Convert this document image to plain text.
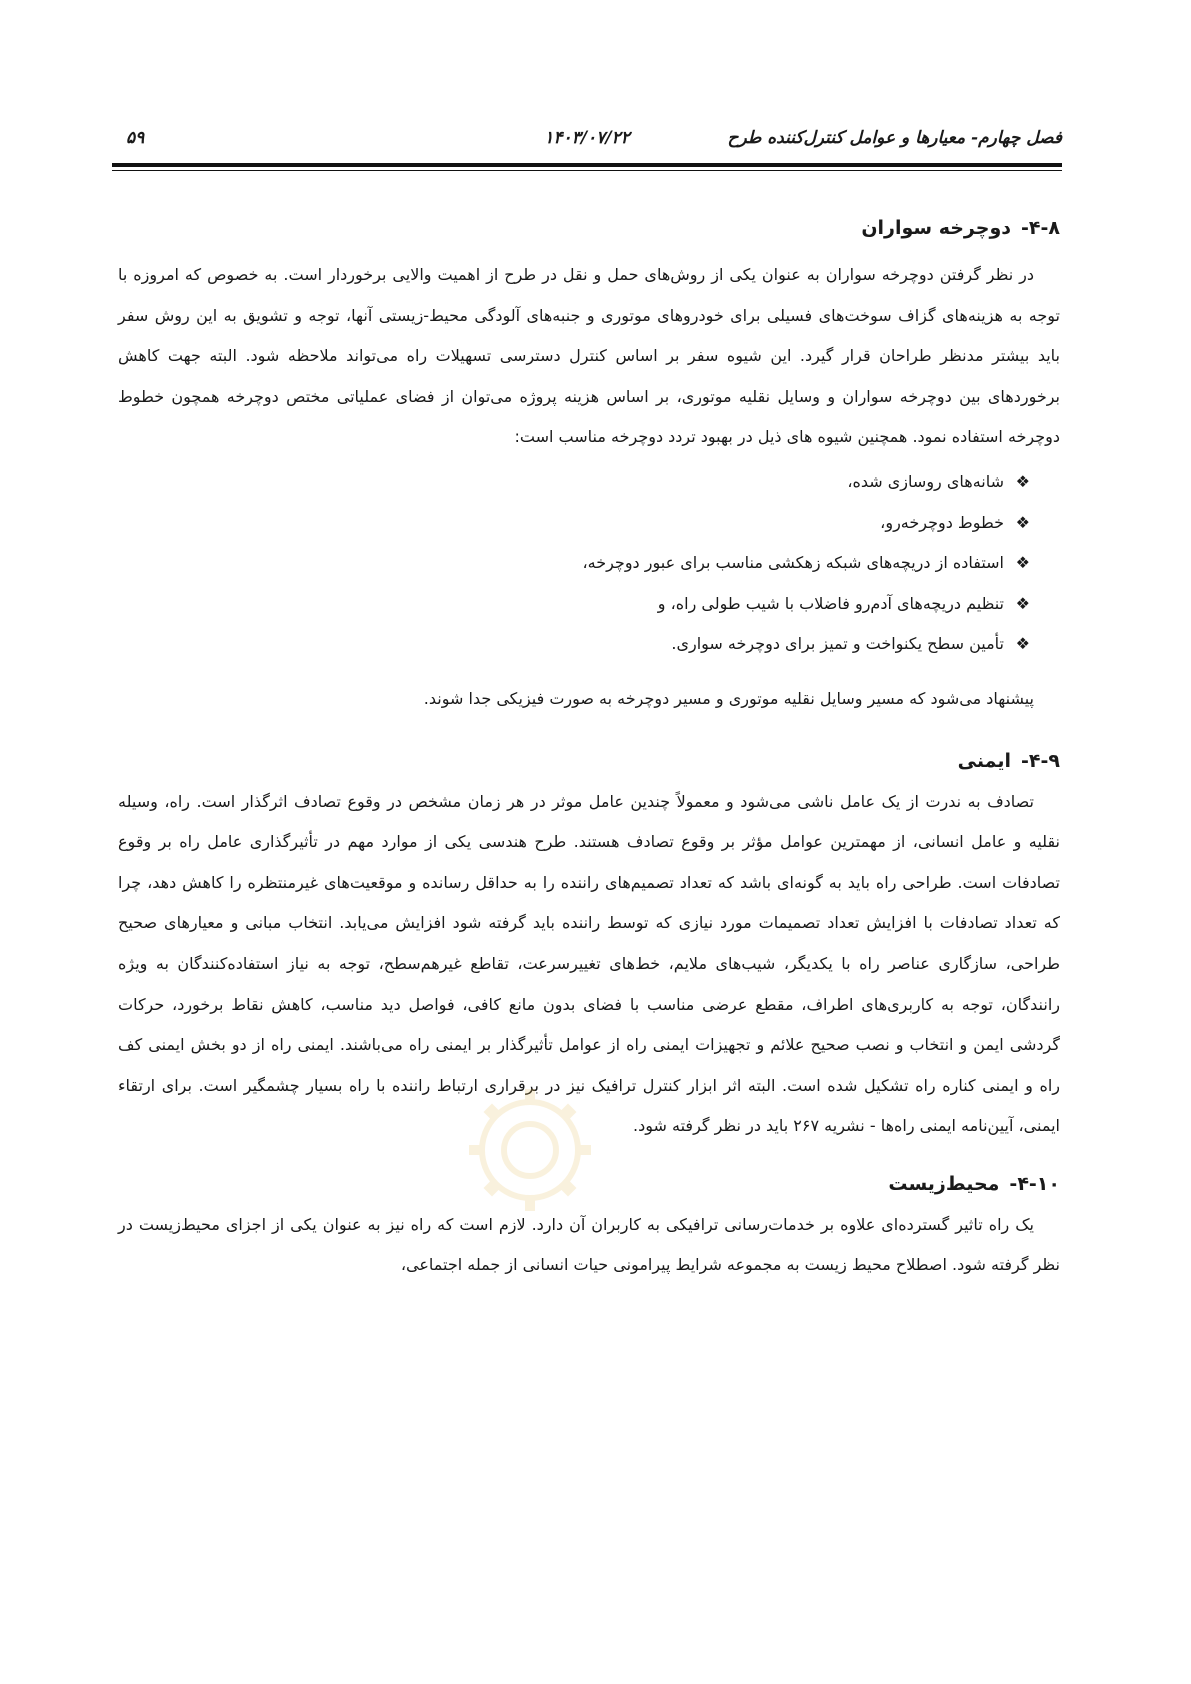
فصل چهارم- معیارها و عوامل کنترل‌کننده طرح
۱۴۰۳/۰۷/۲۲
۵۹
۴-۸-دوچرخه سواران

در نظر گرفتن دوچرخه سواران به عنوان یکی از روش‌های حمل و نقل در طرح از اهمیت والایی برخوردار است. به خصوص که امروزه با توجه به هزینه‌های گزاف سوخت‌های فسیلی برای خودروهای موتوری و جنبه‌های آلودگی محیط-زیستی آنها، توجه و تشویق به این روش سفر باید بیشتر مدنظر طراحان قرار گیرد. این شیوه سفر بر اساس کنترل دسترسی تسهیلات راه می‌تواند ملاحظه شود. البته جهت کاهش برخوردهای بین دوچرخه سواران و وسایل نقلیه موتوری، بر اساس هزینه پروژه می‌توان از فضای عملیاتی مختص دوچرخه همچون خطوط دوچرخه استفاده نمود. همچنین شیوه های ذیل در بهبود تردد دوچرخه مناسب است:

❖
شانه‌های روسازی شده،
❖
خطوط دوچرخه‌رو،
❖
استفاده از دریچه‌های شبکه زهکشی مناسب برای عبور دوچرخه،
❖
تنظیم دریچه‌های آدم‌رو فاضلاب با شیب طولی راه، و
❖
تأمین سطح یکنواخت و تمیز برای دوچرخه سواری.

پیشنهاد می‌شود که مسیر وسایل نقلیه موتوری و مسیر دوچرخه به صورت فیزیکی جدا شوند.

۴-۹-ایمنی

تصادف به ندرت از یک عامل ناشی می‌شود و معمولاً چندین عامل موثر در هر زمان مشخص در وقوع تصادف اثرگذار است. راه، وسیله نقلیه و عامل انسانی، از مهمترین عوامل مؤثر بر وقوع تصادف هستند. طرح هندسی یکی از موارد مهم در تأثیرگذاری عامل راه بر وقوع تصادفات است. طراحی راه باید به گونه‌ای باشد که تعداد تصمیم‌های راننده را به حداقل رسانده و موقعیت‌های غیرمنتظره را کاهش دهد، چرا که تعداد تصادفات با افزایش تعداد تصمیمات مورد نیازی که توسط راننده باید گرفته شود افزایش می‌یابد. انتخاب مبانی و معیارهای صحیح طراحی، سازگاری عناصر راه با یکدیگر، شیب‌های ملایم، خط‌های تغییرسرعت، تقاطع غیرهم‌سطح، توجه به نیاز استفاده‌کنندگان به ویژه رانندگان، توجه به کاربری‌های اطراف، مقطع عرضی مناسب با فضای بدون مانع کافی، فواصل دید مناسب، کاهش نقاط برخورد، حرکات گردشی ایمن و انتخاب و نصب صحیح علائم و تجهیزات ایمنی راه از عوامل تأثیرگذار بر ایمنی راه می‌باشند. ایمنی راه از دو بخش ایمنی کف راه و ایمنی کناره راه تشکیل شده است. البته اثر ابزار کنترل ترافیک نیز در برقراری ارتباط راننده با راه بسیار چشمگیر است. برای ارتقاء ایمنی، آیین‌نامه ایمنی راه‌ها - نشریه ۲۶۷ باید در نظر گرفته شود.

۴-۱۰-محیط‌زیست

یک راه تاثیر گسترده‌ای علاوه بر خدمات‌رسانی ترافیکی به کاربران آن دارد. لازم است که راه نیز به عنوان یکی از اجزای محیط‌زیست در نظر گرفته شود. اصطلاح محیط زیست به مجموعه شرایط پیرامونی حیات انسانی از جمله اجتماعی،
